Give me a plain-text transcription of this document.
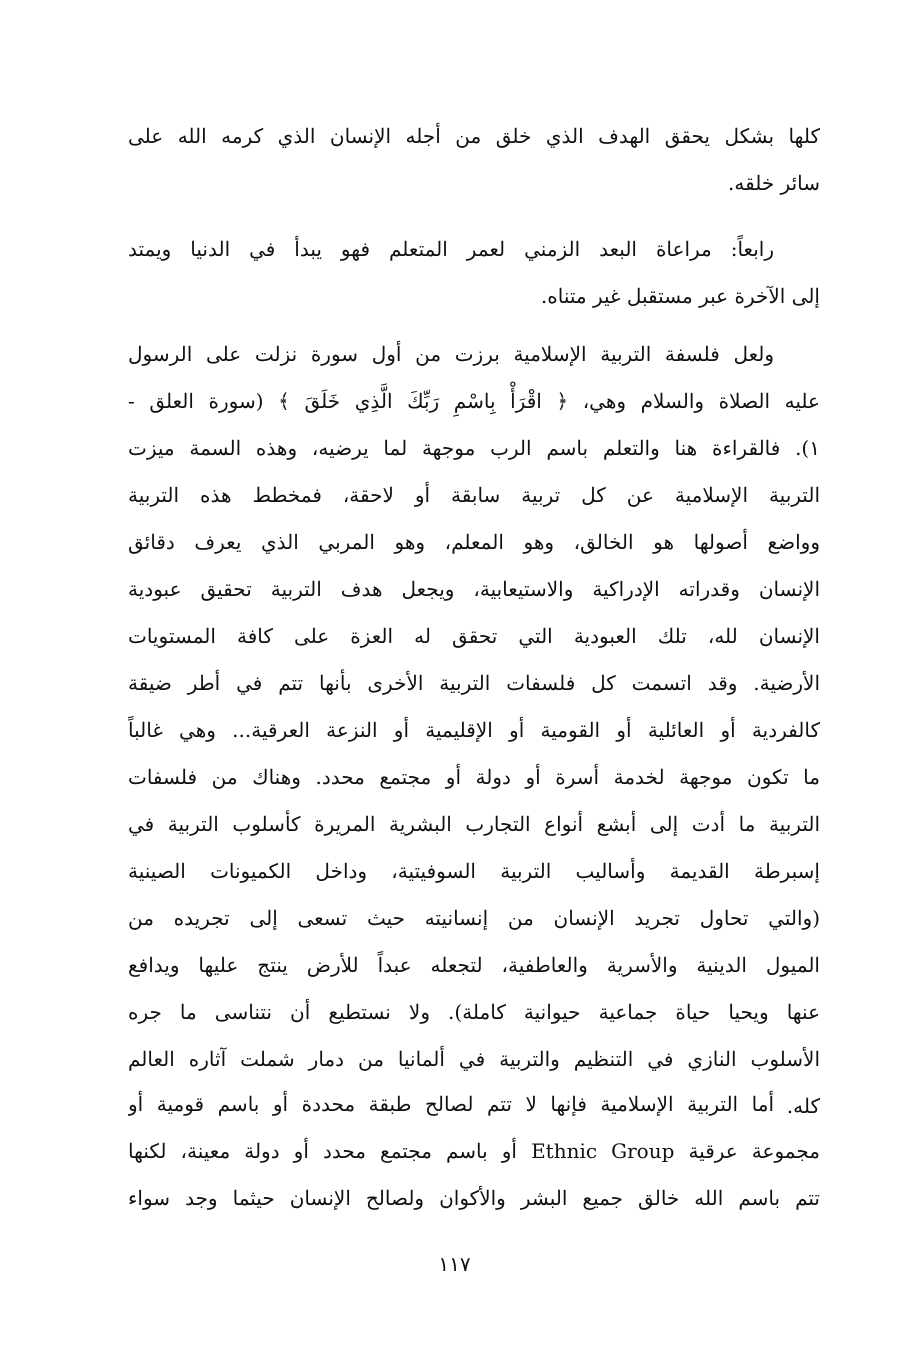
كلها بشكل يحقق الهدف الذي خلق من أجله الإنسان الذي كرمه الله على
سائر خلقه.
رابعاً: مراعاة البعد الزمني لعمر المتعلم فهو يبدأ في الدنيا ويمتد
إلى الآخرة عبر مستقبل غير متناه.
ولعل فلسفة التربية الإسلامية برزت من أول سورة نزلت على الرسول
عليه الصلاة والسلام وهي، ﴿ اقْرَأْ بِاسْمِ رَبِّكَ الَّذِي خَلَقَ ﴾ (سورة العلق -
١). فالقراءة هنا والتعلم باسم الرب موجهة لما يرضيه، وهذه السمة ميزت
التربية الإسلامية عن كل تربية سابقة أو لاحقة، فمخطط هذه التربية
وواضع أصولها هو الخالق، وهو المعلم، وهو المربي الذي يعرف دقائق
الإنسان وقدراته الإدراكية والاستيعابية، ويجعل هدف التربية تحقيق عبودية
الإنسان لله، تلك العبودية التي تحقق له العزة على كافة المستويات
الأرضية. وقد اتسمت كل فلسفات التربية الأخرى بأنها تتم في أطر ضيقة
كالفردية أو العائلية أو القومية أو الإقليمية أو النزعة العرقية... وهي غالباً
ما تكون موجهة لخدمة أسرة أو دولة أو مجتمع محدد. وهناك من فلسفات
التربية ما أدت إلى أبشع أنواع التجارب البشرية المريرة كأسلوب التربية في
إسبرطة القديمة وأساليب التربية السوفيتية، وداخل الكميونات الصينية
(والتي تحاول تجريد الإنسان من إنسانيته حيث تسعى إلى تجريده من
الميول الدينية والأسرية والعاطفية، لتجعله عبداً للأرض ينتج عليها ويدافع
عنها ويحيا حياة جماعية حيوانية كاملة). ولا نستطيع أن نتناسى ما جره
الأسلوب النازي في التنظيم والتربية في ألمانيا من دمار شملت آثاره العالم
كله.
أما التربية الإسلامية فإنها لا تتم لصالح طبقة محددة أو باسم قومية أو
مجموعة عرقية Ethnic Group أو باسم مجتمع محدد أو دولة معينة، لكنها
تتم باسم الله خالق جميع البشر والأكوان ولصالح الإنسان حيثما وجد سواء
١١٧
